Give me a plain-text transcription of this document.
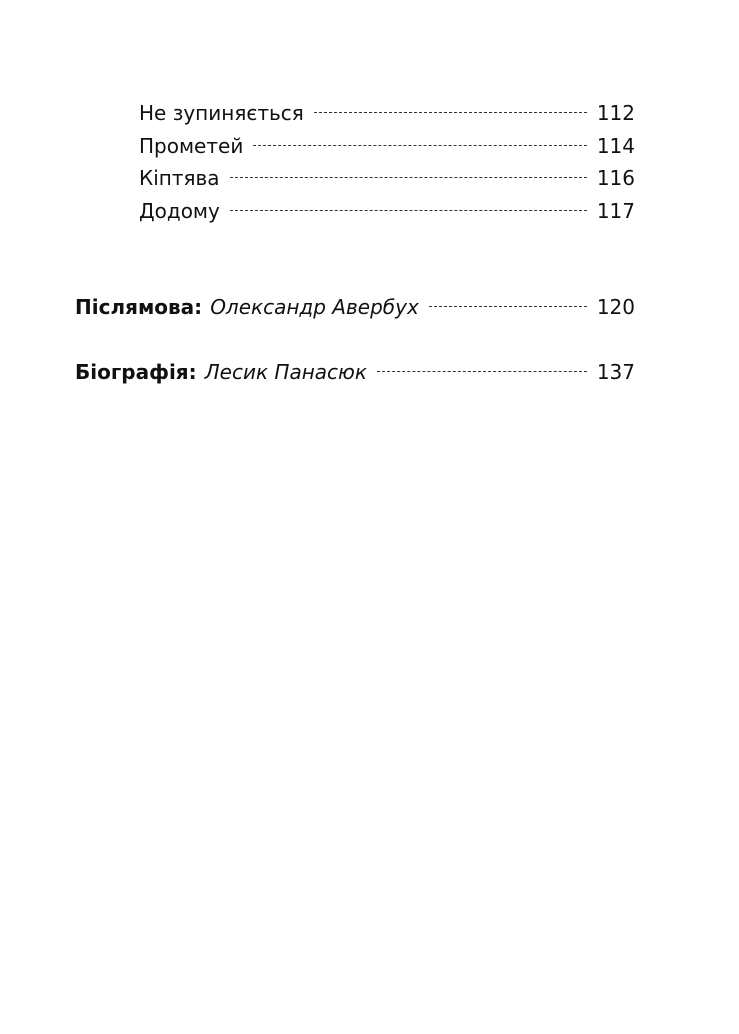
Не зупиняється	112
Прометей	114
Кіптява	116
Додому	117
Післямова: Олександр Авербух	120
Біографія: Лесик Панасюк	137
